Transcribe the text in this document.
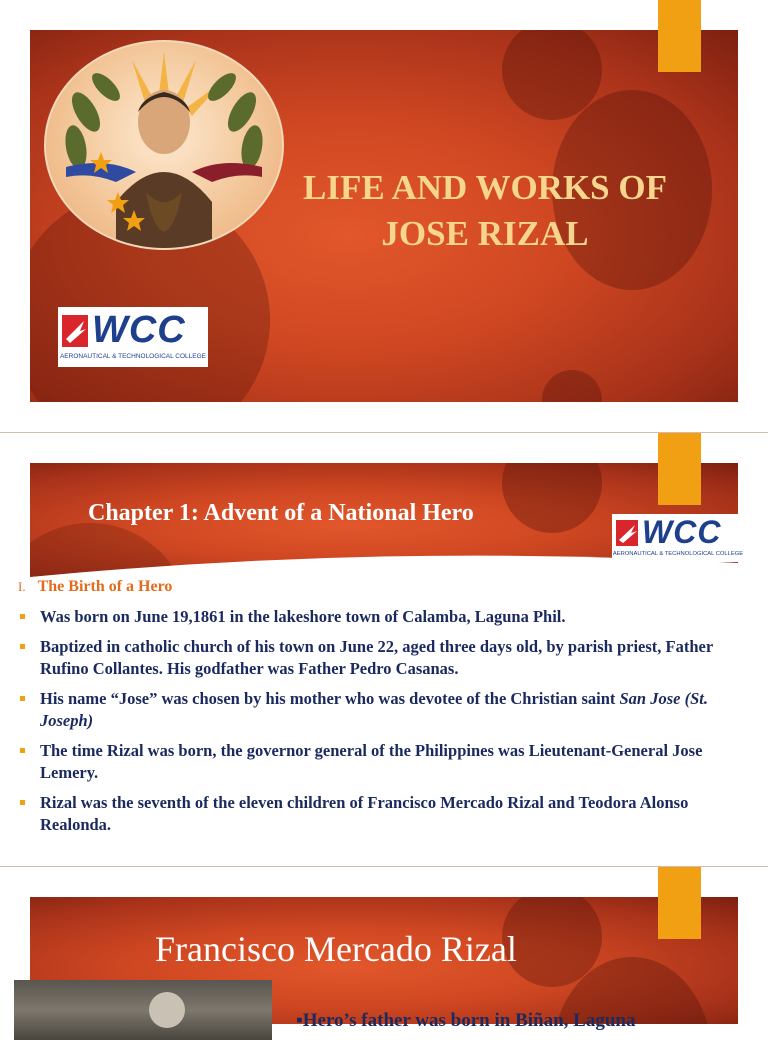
LIFE AND WORKS OF
JOSE RIZAL
WCC
AERONAUTICAL & TECHNOLOGICAL COLLEGE
Chapter 1: Advent of a National Hero
WCC
AERONAUTICAL & TECHNOLOGICAL COLLEGE
I. The Birth of a Hero
Was born on June 19,1861 in the lakeshore town of Calamba, Laguna Phil.
Baptized in catholic church of his town on June 22, aged three days old, by parish priest, Father Rufino Collantes. His godfather was Father Pedro Casanas.
His name “Jose” was chosen by his mother who was devotee of the Christian saint San Jose (St. Joseph)
The time Rizal was born, the governor general of the Philippines was Lieutenant-General Jose Lemery.
Rizal was the seventh of the eleven children of Francisco Mercado Rizal and Teodora Alonso Realonda.
Francisco Mercado Rizal
▪Hero’s father was born in Biñan, Laguna
